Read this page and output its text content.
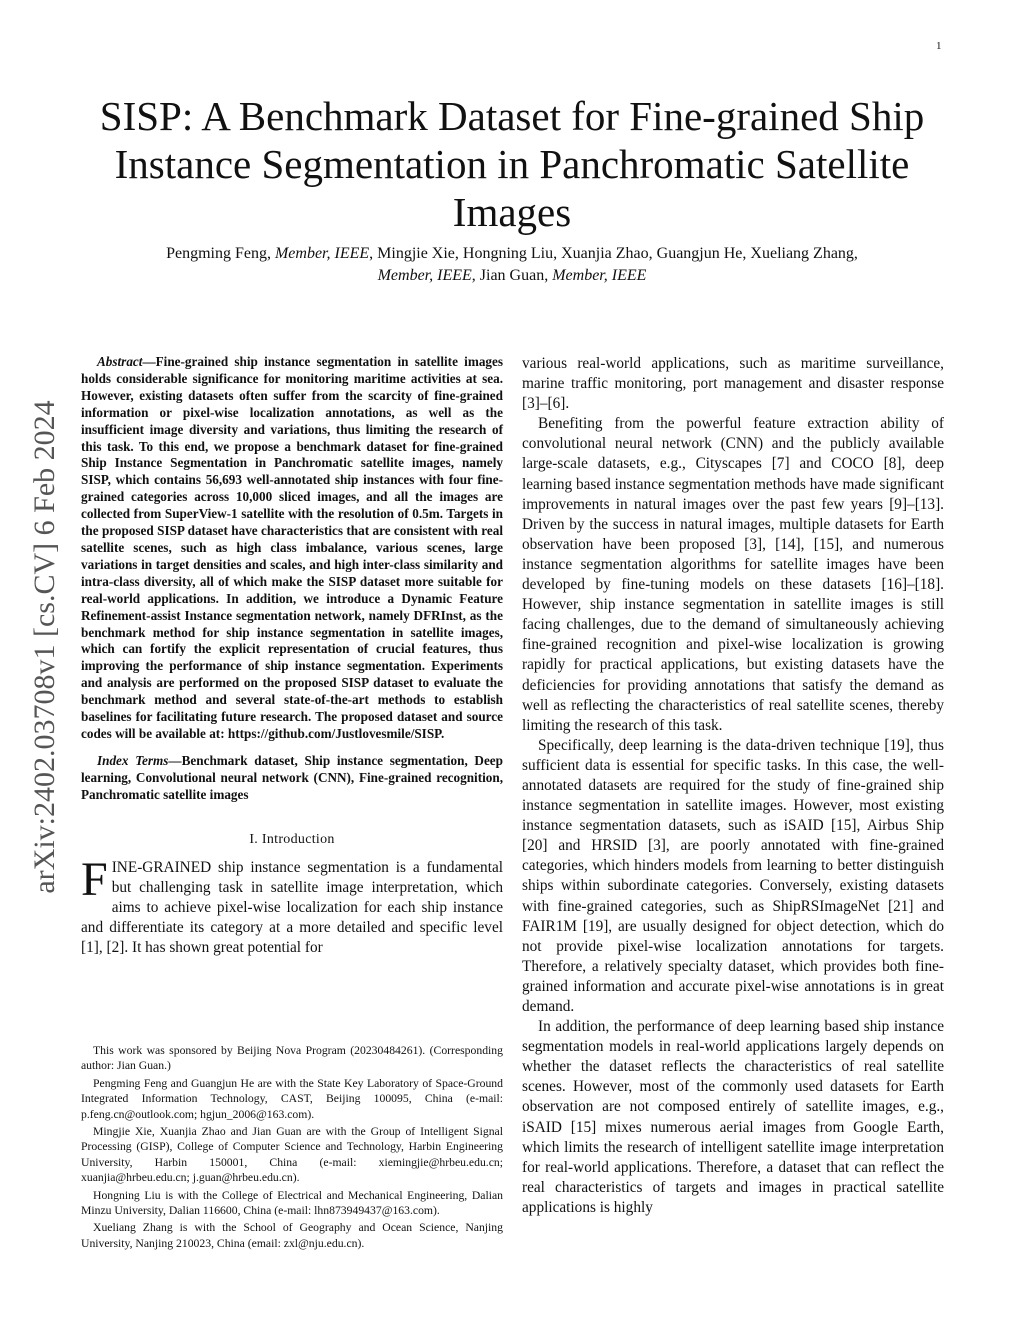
1
arXiv:2402.03708v1 [cs.CV] 6 Feb 2024
SISP: A Benchmark Dataset for Fine-grained Ship Instance Segmentation in Panchromatic Satellite Images
Pengming Feng, Member, IEEE, Mingjie Xie, Hongning Liu, Xuanjia Zhao, Guangjun He, Xueliang Zhang,
Member, IEEE, Jian Guan, Member, IEEE

Abstract—Fine-grained ship instance segmentation in satellite images holds considerable significance for monitoring maritime activities at sea. However, existing datasets often suffer from the scarcity of fine-grained information or pixel-wise localization annotations, as well as the insufficient image diversity and variations, thus limiting the research of this task. To this end, we propose a benchmark dataset for fine-grained Ship Instance Segmentation in Panchromatic satellite images, namely SISP, which contains 56,693 well-annotated ship instances with four fine-grained categories across 10,000 sliced images, and all the images are collected from SuperView-1 satellite with the resolution of 0.5m. Targets in the proposed SISP dataset have characteristics that are consistent with real satellite scenes, such as high class imbalance, various scenes, large variations in target densities and scales, and high inter-class similarity and intra-class diversity, all of which make the SISP dataset more suitable for real-world applications. In addition, we introduce a Dynamic Feature Refinement-assist Instance segmentation network, namely DFRInst, as the benchmark method for ship instance segmentation in satellite images, which can fortify the explicit representation of crucial features, thus improving the performance of ship instance segmentation. Experiments and analysis are performed on the proposed SISP dataset to evaluate the benchmark method and several state-of-the-art methods to establish baselines for facilitating future research. The proposed dataset and source codes will be available at: https://github.com/Justlovesmile/SISP.

Index Terms—Benchmark dataset, Ship instance segmentation, Deep learning, Convolutional neural network (CNN), Fine-grained recognition, Panchromatic satellite images

I. Introduction

FINE-GRAINED ship instance segmentation is a fundamental but challenging task in satellite image interpretation, which aims to achieve pixel-wise localization for each ship instance and differentiate its category at a more detailed and specific level [1], [2]. It has shown great potential for

This work was sponsored by Beijing Nova Program (20230484261). (Corresponding author: Jian Guan.)

Pengming Feng and Guangjun He are with the State Key Laboratory of Space-Ground Integrated Information Technology, CAST, Beijing 100095, China (e-mail: p.feng.cn@outlook.com; hgjun_2006@163.com).

Mingjie Xie, Xuanjia Zhao and Jian Guan are with the Group of Intelligent Signal Processing (GISP), College of Computer Science and Technology, Harbin Engineering University, Harbin 150001, China (e-mail: xiemingjie@hrbeu.edu.cn; xuanjia@hrbeu.edu.cn; j.guan@hrbeu.edu.cn).

Hongning Liu is with the College of Electrical and Mechanical Engineering, Dalian Minzu University, Dalian 116600, China (e-mail: lhn873949437@163.com).

Xueliang Zhang is with the School of Geography and Ocean Science, Nanjing University, Nanjing 210023, China (email: zxl@nju.edu.cn).

various real-world applications, such as maritime surveillance, marine traffic monitoring, port management and disaster response [3]–[6].

Benefiting from the powerful feature extraction ability of convolutional neural network (CNN) and the publicly available large-scale datasets, e.g., Cityscapes [7] and COCO [8], deep learning based instance segmentation methods have made significant improvements in natural images over the past few years [9]–[13]. Driven by the success in natural images, multiple datasets for Earth observation have been proposed [3], [14], [15], and numerous instance segmentation algorithms for satellite images have been developed by fine-tuning models on these datasets [16]–[18]. However, ship instance segmentation in satellite images is still facing challenges, due to the demand of simultaneously achieving fine-grained recognition and pixel-wise localization is growing rapidly for practical applications, but existing datasets have the deficiencies for providing annotations that satisfy the demand as well as reflecting the characteristics of real satellite scenes, thereby limiting the research of this task.

Specifically, deep learning is the data-driven technique [19], thus sufficient data is essential for specific tasks. In this case, the well-annotated datasets are required for the study of fine-grained ship instance segmentation in satellite images. However, most existing instance segmentation datasets, such as iSAID [15], Airbus Ship [20] and HRSID [3], are poorly annotated with fine-grained categories, which hinders models from learning to better distinguish ships within subordinate categories. Conversely, existing datasets with fine-grained categories, such as ShipRSImageNet [21] and FAIR1M [19], are usually designed for object detection, which do not provide pixel-wise localization annotations for targets. Therefore, a relatively specialty dataset, which provides both fine-grained information and accurate pixel-wise annotations is in great demand.

In addition, the performance of deep learning based ship instance segmentation models in real-world applications largely depends on whether the dataset reflects the characteristics of real satellite scenes. However, most of the commonly used datasets for Earth observation are not composed entirely of satellite images, e.g., iSAID [15] mixes numerous aerial images from Google Earth, which limits the research of intelligent satellite image interpretation for real-world applications. Therefore, a dataset that can reflect the real characteristics of targets and images in practical satellite applications is highly
